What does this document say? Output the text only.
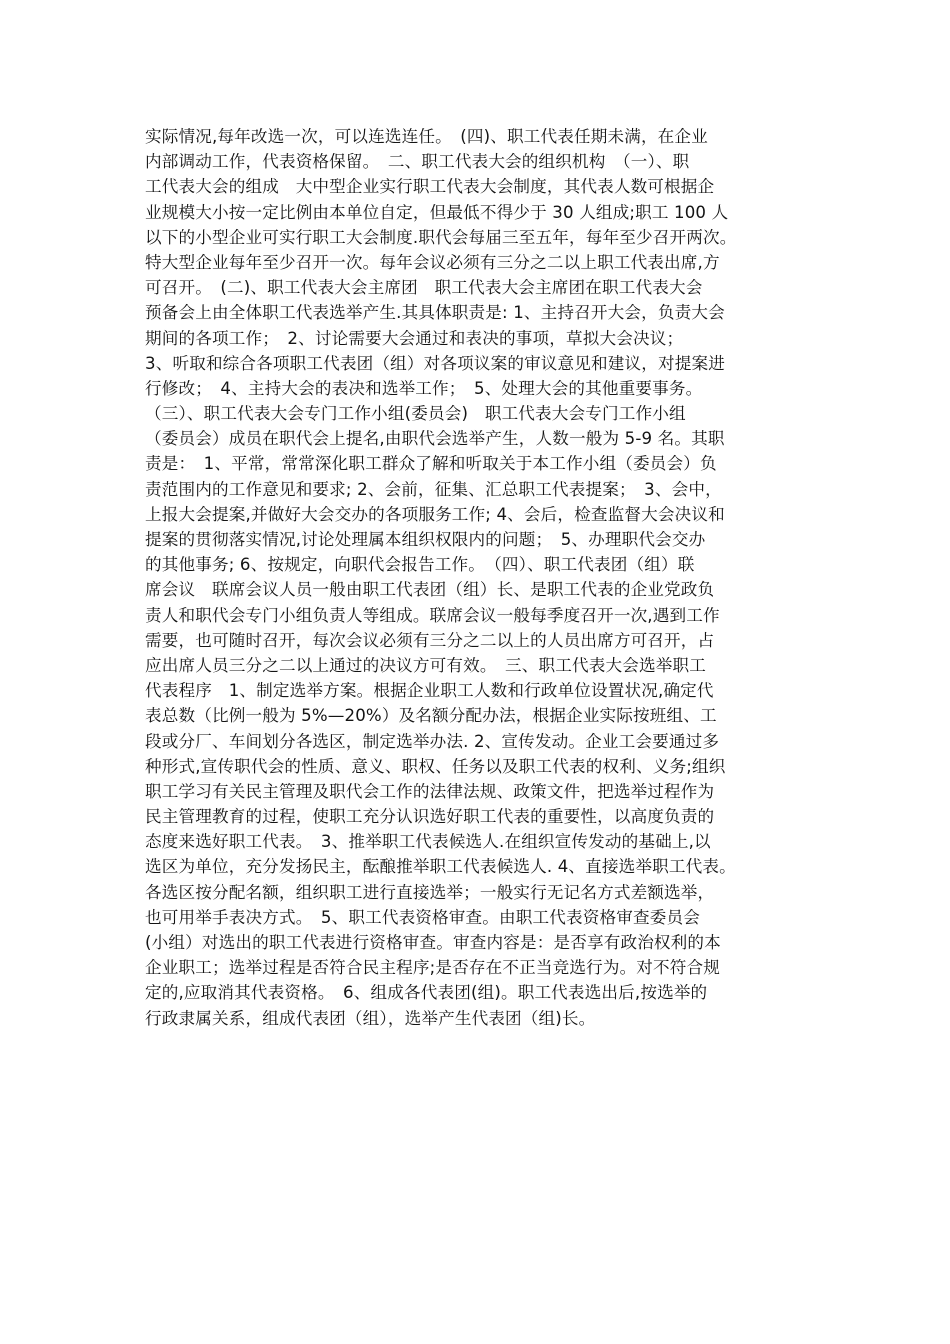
实际情况,每年改选一次，可以连选连任。　(四)、职工代表任期未满，在企业
内部调动工作，代表资格保留。　二、职工代表大会的组织机构　（一）、职
工代表大会的组成　大中型企业实行职工代表大会制度，其代表人数可根据企
业规模大小按一定比例由本单位自定，但最低不得少于 30 人组成;职工 100 人
以下的小型企业可实行职工大会制度.职代会每届三至五年，每年至少召开两次。
特大型企业每年至少召开一次。每年会议必须有三分之二以上职工代表出席,方
可召开。　(二)、职工代表大会主席团　职工代表大会主席团在职工代表大会
预备会上由全体职工代表选举产生.其具体职责是: 1、主持召开大会，负责大会
期间的各项工作；　2、讨论需要大会通过和表决的事项，草拟大会决议；
3、听取和综合各项职工代表团（组）对各项议案的审议意见和建议，对提案进
行修改；　4、主持大会的表决和选举工作；　5、处理大会的其他重要事务。
（三）、职工代表大会专门工作小组(委员会)　职工代表大会专门工作小组
（委员会）成员在职代会上提名,由职代会选举产生，人数一般为 5-9 名。其职
责是：　1、平常，常常深化职工群众了解和听取关于本工作小组（委员会）负
责范围内的工作意见和要求; 2、会前，征集、汇总职工代表提案；　3、会中，
上报大会提案,并做好大会交办的各项服务工作; 4、会后，检查监督大会决议和
提案的贯彻落实情况,讨论处理属本组织权限内的问题；　5、办理职代会交办
的其他事务; 6、按规定，向职代会报告工作。　（四）、职工代表团（组）联
席会议　联席会议人员一般由职工代表团（组）长、是职工代表的企业党政负
责人和职代会专门小组负责人等组成。联席会议一般每季度召开一次,遇到工作
需要，也可随时召开，每次会议必须有三分之二以上的人员出席方可召开，占
应出席人员三分之二以上通过的决议方可有效。　三、职工代表大会选举职工
代表程序　1、制定选举方案。根据企业职工人数和行政单位设置状况,确定代
表总数（比例一般为 5%—20%）及名额分配办法，根据企业实际按班组、工
段或分厂、车间划分各选区，制定选举办法. 2、宣传发动。企业工会要通过多
种形式,宣传职代会的性质、意义、职权、任务以及职工代表的权利、义务;组织
职工学习有关民主管理及职代会工作的法律法规、政策文件，把选举过程作为
民主管理教育的过程，使职工充分认识选好职工代表的重要性，以高度负责的
态度来选好职工代表。　3、推举职工代表候选人.在组织宣传发动的基础上,以
选区为单位，充分发扬民主，酝酿推举职工代表候选人. 4、直接选举职工代表。
各选区按分配名额，组织职工进行直接选举；一般实行无记名方式差额选举，
也可用举手表决方式。　5、职工代表资格审查。由职工代表资格审查委员会
(小组）对选出的职工代表进行资格审查。审查内容是：是否享有政治权利的本
企业职工；选举过程是否符合民主程序;是否存在不正当竞选行为。对不符合规
定的,应取消其代表资格。　6、组成各代表团(组)。职工代表选出后,按选举的
行政隶属关系，组成代表团（组），选举产生代表团（组)长。
